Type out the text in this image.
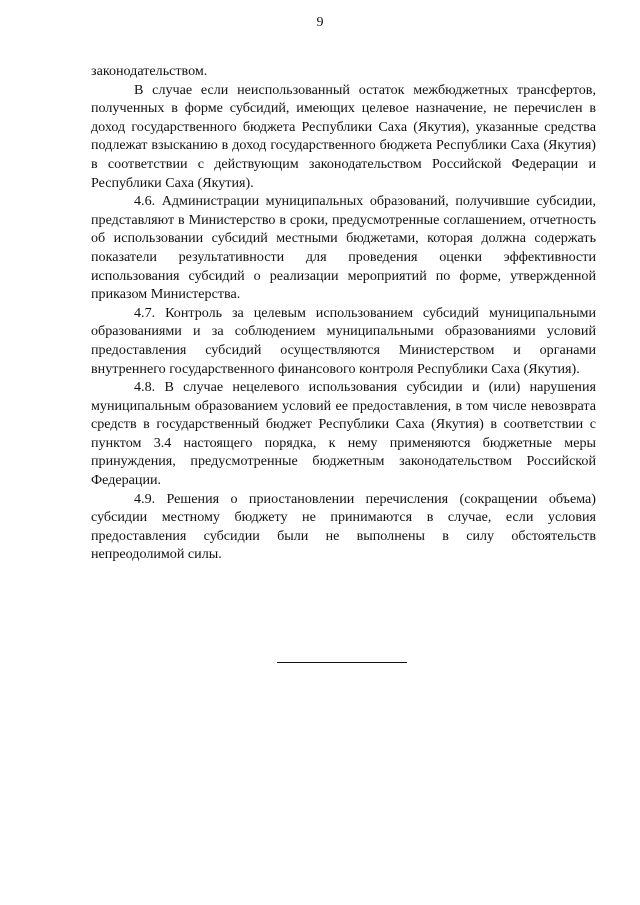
9

законодательством.

В случае если неиспользованный остаток межбюджетных трансфертов, полученных в форме субсидий, имеющих целевое назначение, не перечислен в доход государственного бюджета Республики Саха (Якутия), указанные средства подлежат взысканию в доход государственного бюджета Республики Саха (Якутия) в соответствии с действующим законодательством Российской Федерации и Республики Саха (Якутия).

4.6. Администрации муниципальных образований, получившие субсидии, представляют в Министерство в сроки, предусмотренные соглашением, отчетность об использовании субсидий местными бюджетами, которая должна содержать показатели результативности для проведения оценки эффективности использования субсидий о реализации мероприятий по форме, утвержденной приказом Министерства.

4.7. Контроль за целевым использованием субсидий муниципальными образованиями и за соблюдением муниципальными образованиями условий предоставления субсидий осуществляются Министерством и органами внутреннего государственного финансового контроля Республики Саха (Якутия).

4.8. В случае нецелевого использования субсидии и (или) нарушения муниципальным образованием условий ее предоставления, в том числе невозврата средств в государственный бюджет Республики Саха (Якутия) в соответствии с пунктом 3.4 настоящего порядка, к нему применяются бюджетные меры принуждения, предусмотренные бюджетным законодательством Российской Федерации.

4.9. Решения о приостановлении перечисления (сокращении объема) субсидии местному бюджету не принимаются в случае, если условия предоставления субсидии были не выполнены в силу обстоятельств непреодолимой силы.
